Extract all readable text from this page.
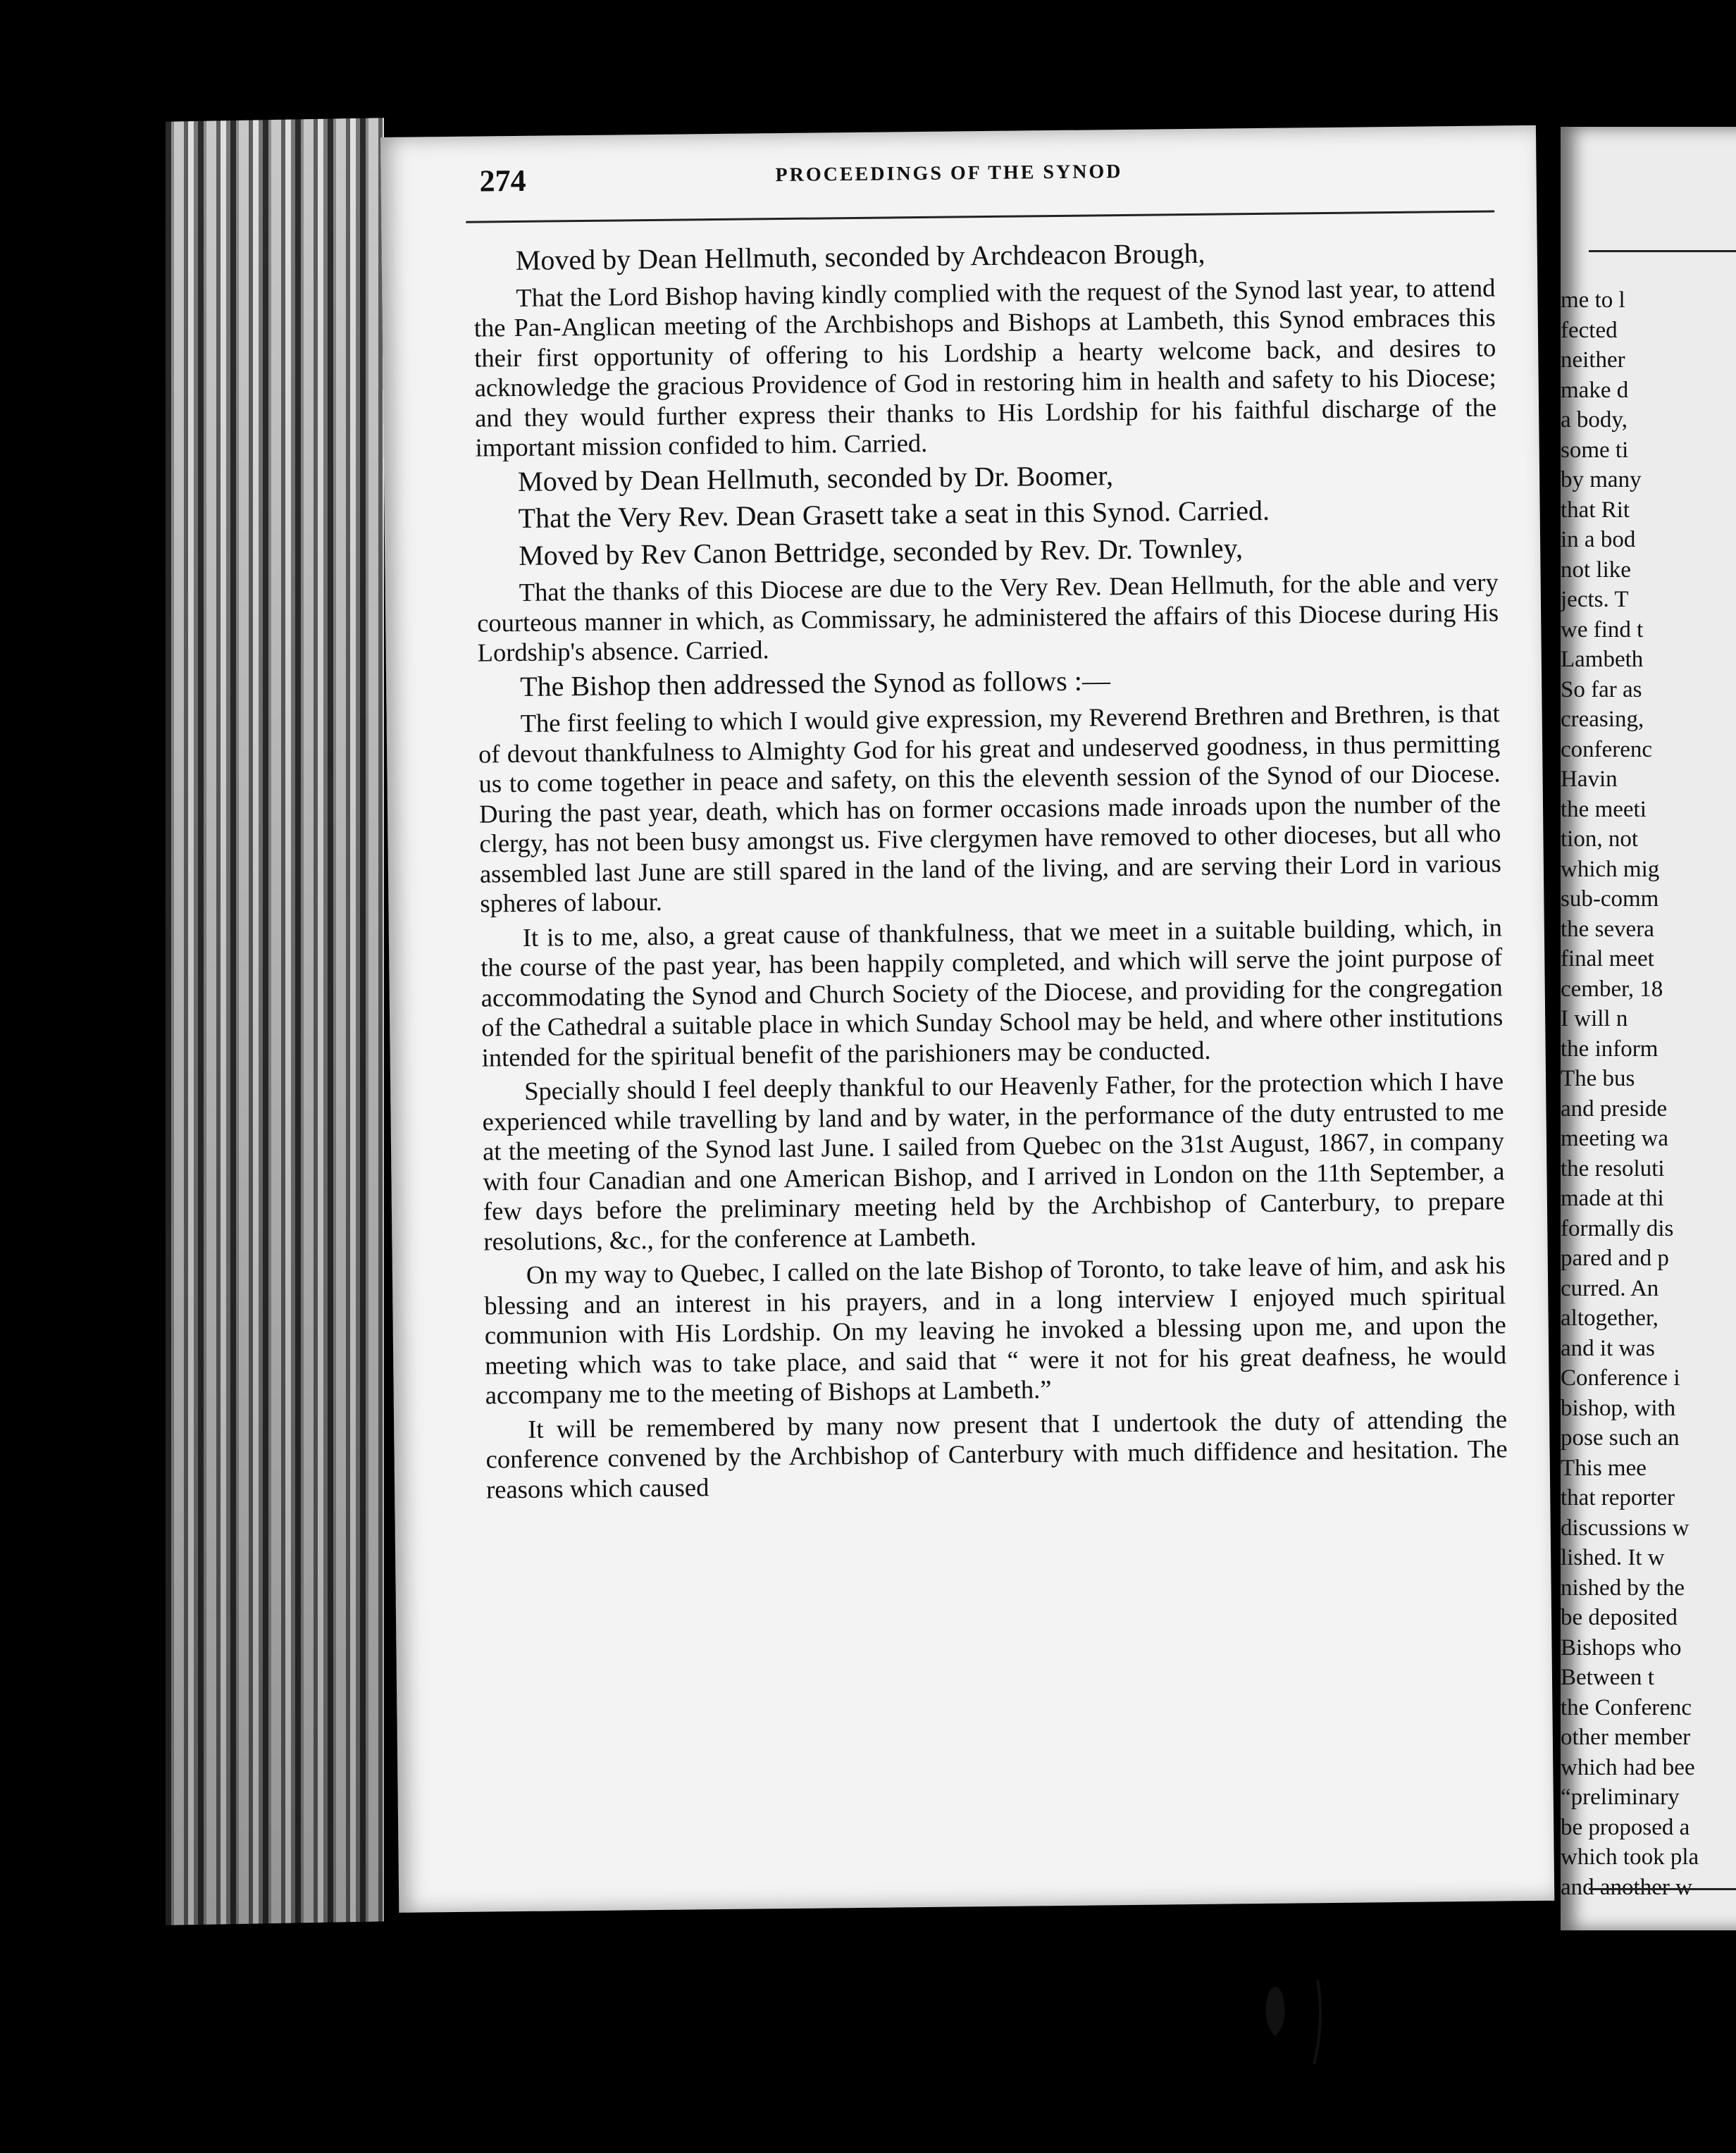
274	PROCEEDINGS OF THE SYNOD

Moved by Dean Hellmuth, seconded by Archdeacon Brough,

That the Lord Bishop having kindly complied with the request of the Synod last year, to attend the Pan-Anglican meeting of the Archbishops and Bishops at Lambeth, this Synod embraces this their first opportunity of offering to his Lordship a hearty welcome back, and desires to acknowledge the gracious Providence of God in restoring him in health and safety to his Diocese; and they would further express their thanks to His Lordship for his faithful discharge of the important mission confided to him. Carried.

Moved by Dean Hellmuth, seconded by Dr. Boomer,

That the Very Rev. Dean Grasett take a seat in this Synod. Carried.

Moved by Rev Canon Bettridge, seconded by Rev. Dr. Townley,

That the thanks of this Diocese are due to the Very Rev. Dean Hellmuth, for the able and very courteous manner in which, as Commissary, he administered the affairs of this Diocese during His Lordship's absence. Carried.

The Bishop then addressed the Synod as follows :—

The first feeling to which I would give expression, my Reverend Brethren and Brethren, is that of devout thankfulness to Almighty God for his great and undeserved goodness, in thus permitting us to come together in peace and safety, on this the eleventh session of the Synod of our Diocese. During the past year, death, which has on former occasions made inroads upon the number of the clergy, has not been busy amongst us. Five clergymen have removed to other dioceses, but all who assembled last June are still spared in the land of the living, and are serving their Lord in various spheres of labour.

It is to me, also, a great cause of thankfulness, that we meet in a suitable building, which, in the course of the past year, has been happily completed, and which will serve the joint purpose of accommodating the Synod and Church Society of the Diocese, and providing for the congregation of the Cathedral a suitable place in which Sunday School may be held, and where other institutions intended for the spiritual benefit of the parishioners may be conducted.

Specially should I feel deeply thankful to our Heavenly Father, for the protection which I have experienced while travelling by land and by water, in the performance of the duty entrusted to me at the meeting of the Synod last June. I sailed from Quebec on the 31st August, 1867, in company with four Canadian and one American Bishop, and I arrived in London on the 11th September, a few days before the preliminary meeting held by the Archbishop of Canterbury, to prepare resolutions, &c., for the conference at Lambeth.

On my way to Quebec, I called on the late Bishop of Toronto, to take leave of him, and ask his blessing and an interest in his prayers, and in a long interview I enjoyed much spiritual communion with His Lordship. On my leaving he invoked a blessing upon me, and upon the meeting which was to take place, and said that “ were it not for his great deafness, he would accompany me to the meeting of Bishops at Lambeth.”

It will be remembered by many now present that I undertook the duty of attending the conference convened by the Archbishop of Canterbury with much diffidence and hesitation. The reasons which caused

me to l
fected
neither
make d
a body,
some ti
by many
that Rit
in a bod
not like
jects. T
we find t
Lambeth
So far as
creasing,
conferenc
Havin
the meeti
tion, not
which mig
sub-comm
the severa
final meet
cember, 18
I will n
the inform
The bus
and preside
meeting wa
the resoluti
made at thi
formally dis
pared and p
curred. An
altogether,
and it was
Conference i
bishop, with
pose such an
This mee
that reporter
discussions w
lished. It w
nished by the
be deposited
Bishops who
Between t
the Conferenc
other member
which had bee
“preliminary
be proposed a
which took pla
and another w
